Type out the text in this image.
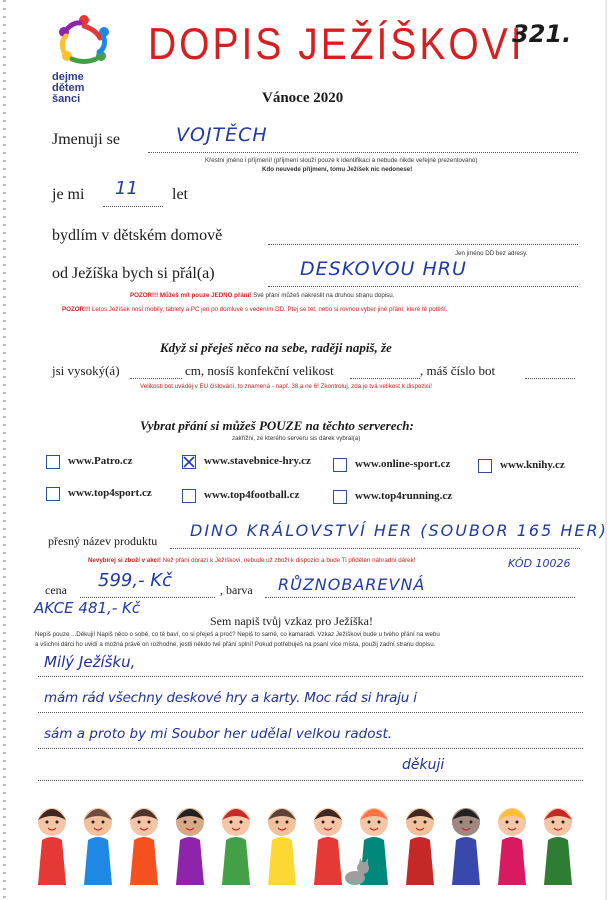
dejme
dětem
šanci
DOPIS JEŽÍŠKOVI
Vánoce 2020
321.
Jmenuji se	VOJTĚCH
Křestní jméno i příjmení! (příjmení slouží pouze k identifikaci a nebude nikde veřejně prezentováno)
Kdo neuvede příjmení, tomu Ježíšek nic nedonese!
je mi 11 let
bydlím v dětském domově
Jen jméno DD bez adresy.
od Ježíška bych si přál(a)	DESKOVOU HRU
POZOR!!! Můžeš mít pouze JEDNO přání! Své přání můžeš nakreslit na druhou stranu dopisu.
POZOR!!! Letos Ježíšek nosí mobily, tablety a PC jen po domluvě s vedením DD. Ptej se tet, nebo si rovnou vyber jiné přání, které tě potěší.
Když si přeješ něco na sebe, raději napiš, že
jsi vysoký(á)	cm, nosíš konfekční velikost	, máš číslo bot
Velikosti bot uváděj v EU číslování, to znamená - např. 38 a ne 6! Zkontroluj, zda je tvá velikost k dispozici!
Vybrat přání si můžeš POUZE na těchto serverech:
zakřížni, ze kterého serveru sis dárek vybral(a)
www.Patro.cz	www.stavebnice-hry.cz	www.online-sport.cz	www.knihy.cz
www.top4sport.cz	www.top4football.cz	www.top4running.cz
přesný název produktu
DINO KRÁLOVSTVÍ HER (SOUBOR 165 HER)
Nevybírej si zboží v akci! Než přání dorazí k Ježíškovi, nebude už zboží k dispozici a bude Ti přidělen náhradní dárek!	KÓD 10026
cena 599,- Kč	, barva RŮZNOBAREVNÁ
AKCE 481,- Kč
Sem napiš tvůj vzkaz pro Ježíška!
Nepiš pouze ...Děkuji! Napiš něco o sobě, co tě baví, co si přeješ a proč? Nepiš to samé, co kamarádi. Vzkaz Ježíškovi bude u tvého přání na webu
a všichni dárci ho uvidí a možná právě on rozhodne, jestli někdo tvé přání splní! Pokud potřebuješ na psaní více místa, použij zadní stranu dopisu.
Milý Ježíšku,
mám rád všechny deskové hry a karty. Moc rád si hraju i
sám a proto by mi Soubor her udělal velkou radost.
děkuji
